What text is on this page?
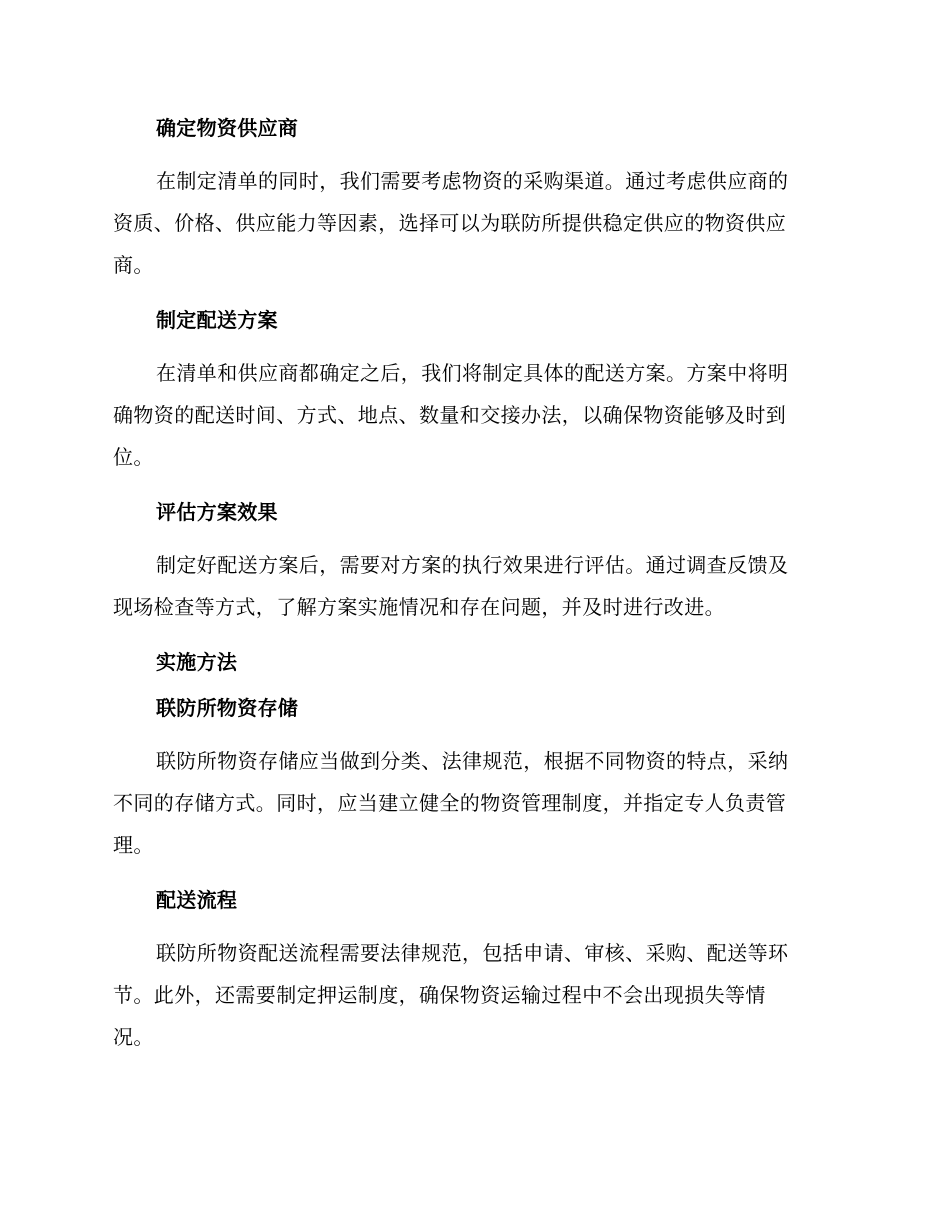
确定物资供应商
在制定清单的同时，我们需要考虑物资的采购渠道。通过考虑供应商的
资质、价格、供应能力等因素，选择可以为联防所提供稳定供应的物资供应
商。
制定配送方案
在清单和供应商都确定之后，我们将制定具体的配送方案。方案中将明
确物资的配送时间、方式、地点、数量和交接办法，以确保物资能够及时到
位。
评估方案效果
制定好配送方案后，需要对方案的执行效果进行评估。通过调查反馈及
现场检查等方式，了解方案实施情况和存在问题，并及时进行改进。
实施方法
联防所物资存储
联防所物资存储应当做到分类、法律规范，根据不同物资的特点，采纳
不同的存储方式。同时，应当建立健全的物资管理制度，并指定专人负责管
理。
配送流程
联防所物资配送流程需要法律规范，包括申请、审核、采购、配送等环
节。此外，还需要制定押运制度，确保物资运输过程中不会出现损失等情
况。
